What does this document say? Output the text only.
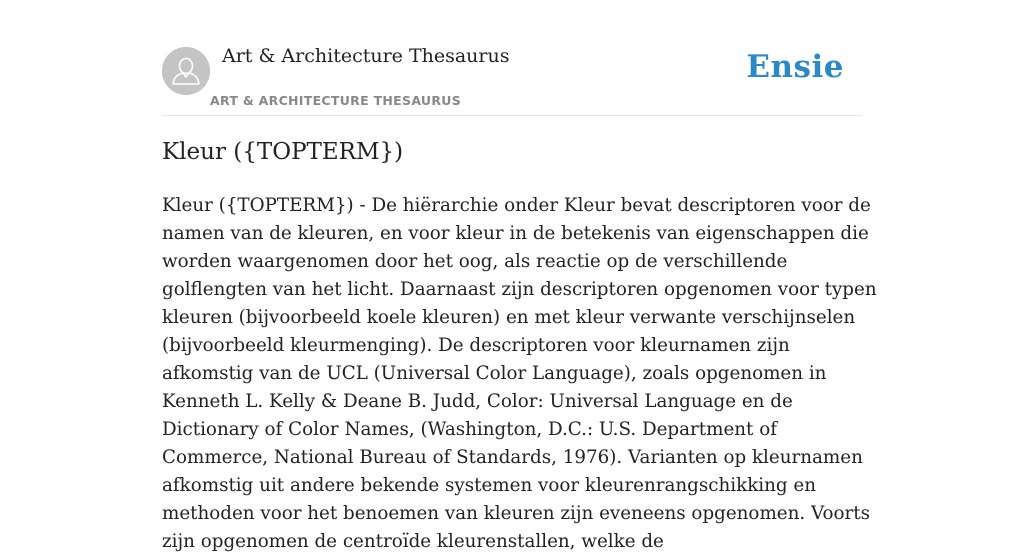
Art & Architecture Thesaurus
ART & ARCHITECTURE THESAURUS
Ensie
Kleur ({TOPTERM})

Kleur ({TOPTERM}) - De hiërarchie onder Kleur bevat descriptoren voor de namen van de kleuren, en voor kleur in de betekenis van eigenschappen die worden waargenomen door het oog, als reactie op de verschillende golflengten van het licht. Daarnaast zijn descriptoren opgenomen voor typen kleuren (bijvoorbeeld koele kleuren) en met kleur verwante verschijnselen (bijvoorbeeld kleurmenging). De descriptoren voor kleurnamen zijn afkomstig van de UCL (Universal Color Language), zoals opgenomen in Kenneth L. Kelly & Deane B. Judd, Color: Universal Language en de Dictionary of Color Names, (Washington, D.C.: U.S. Department of Commerce, National Bureau of Standards, 1976). Varianten op kleurnamen afkomstig uit andere bekende systemen voor kleurenrangschikking en methoden voor het benoemen van kleuren zijn eveneens opgenomen. Voorts zijn opgenomen de centroïde kleurenstallen, welke de
